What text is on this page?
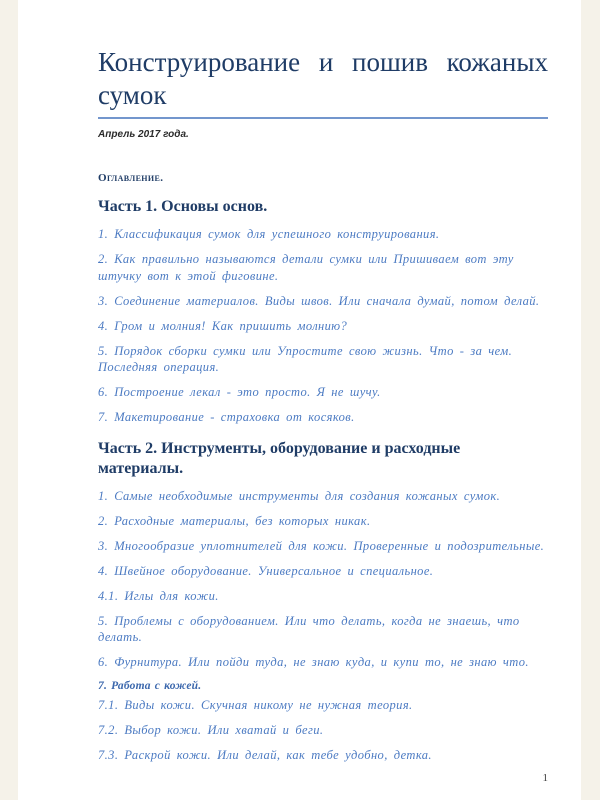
Конструирование и пошив кожаных сумок

Апрель 2017 года.

Оглавление.

Часть 1. Основы основ.

1. Классификация сумок для успешного конструирования.

2. Как правильно называются детали сумки или Пришиваем вот эту штучку вот к этой фиговине.

3. Соединение материалов. Виды швов. Или сначала думай, потом делай.

4. Гром и молния! Как пришить молнию?

5. Порядок сборки сумки или Упростите свою жизнь. Что - за чем. Последняя операция.

6. Построение лекал - это просто. Я не шучу.

7. Макетирование - страховка от косяков.

Часть 2. Инструменты, оборудование и расходные материалы.

1. Самые необходимые инструменты для создания кожаных сумок.

2. Расходные материалы, без которых никак.

3. Многообразие уплотнителей для кожи. Проверенные и подозрительные.

4. Швейное оборудование. Универсальное и специальное.

4.1. Иглы для кожи.

5. Проблемы с оборудованием. Или что делать, когда не знаешь, что делать.

6. Фурнитура. Или пойди туда, не знаю куда, и купи то, не знаю что.

7. Работа с кожей.

7.1. Виды кожи. Скучная никому не нужная теория.

7.2. Выбор кожи. Или хватай и беги.

7.3. Раскрой кожи. Или делай, как тебе удобно, детка.

1
